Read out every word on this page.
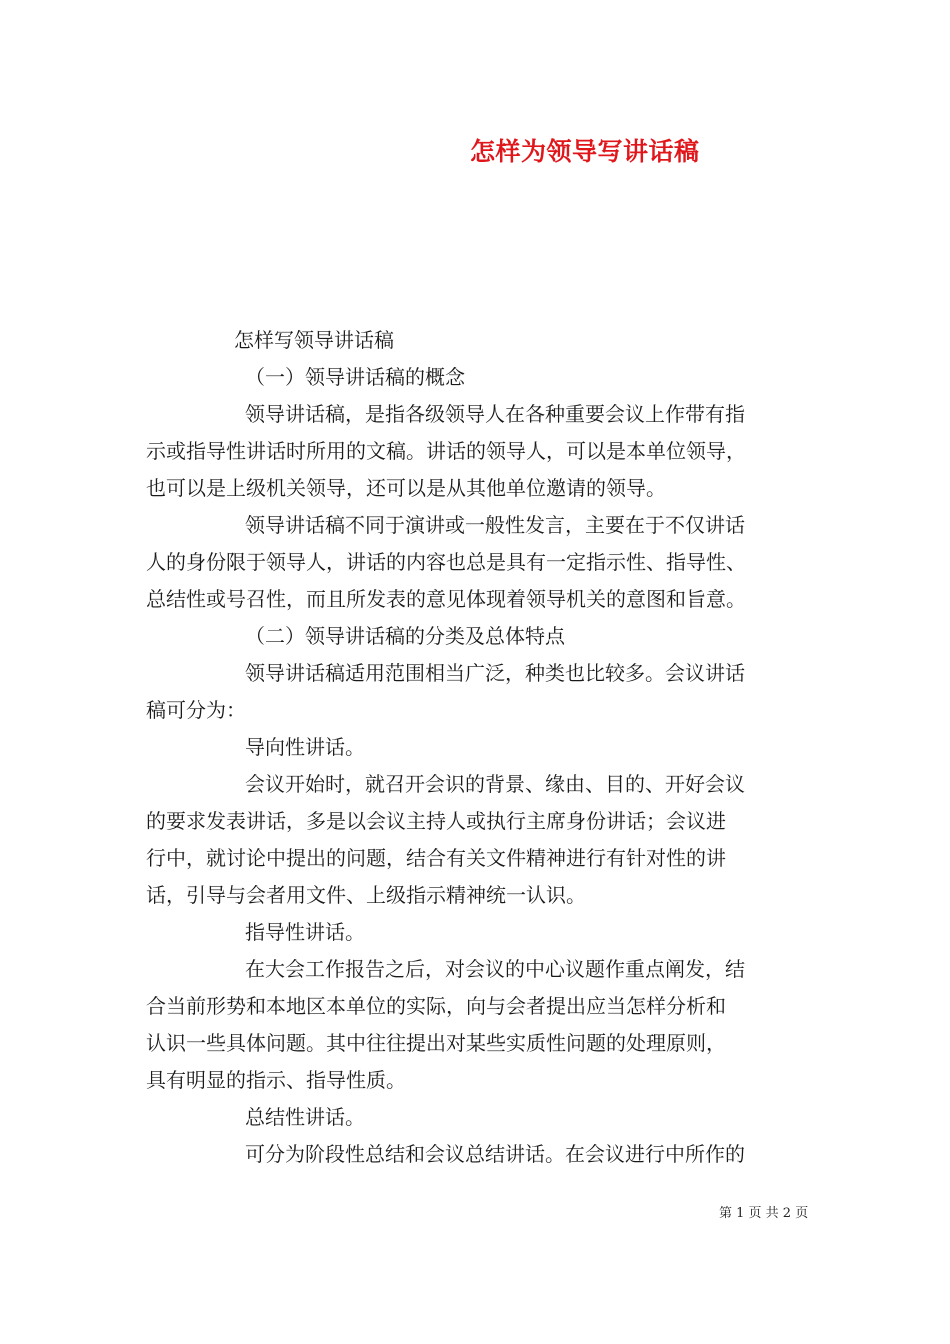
怎样为领导写讲话稿
怎样写领导讲话稿
（一）领导讲话稿的概念
领导讲话稿，是指各级领导人在各种重要会议上作带有指
示或指导性讲话时所用的文稿。讲话的领导人，可以是本单位领导，
也可以是上级机关领导，还可以是从其他单位邀请的领导。
领导讲话稿不同于演讲或一般性发言，主要在于不仅讲话
人的身份限于领导人，讲话的内容也总是具有一定指示性、指导性、
总结性或号召性，而且所发表的意见体现着领导机关的意图和旨意。
（二）领导讲话稿的分类及总体特点
领导讲话稿适用范围相当广泛，种类也比较多。会议讲话
稿可分为：
导向性讲话。
会议开始时，就召开会识的背景、缘由、目的、开好会议
的要求发表讲话，多是以会议主持人或执行主席身份讲话；会议进
行中，就讨论中提出的问题，结合有关文件精神进行有针对性的讲
话，引导与会者用文件、上级指示精神统一认识。
指导性讲话。
在大会工作报告之后，对会议的中心议题作重点阐发，结
合当前形势和本地区本单位的实际，向与会者提出应当怎样分析和
认识一些具体问题。其中往往提出对某些实质性问题的处理原则，
具有明显的指示、指导性质。
总结性讲话。
可分为阶段性总结和会议总结讲话。在会议进行中所作的
第 1 页 共 2 页
